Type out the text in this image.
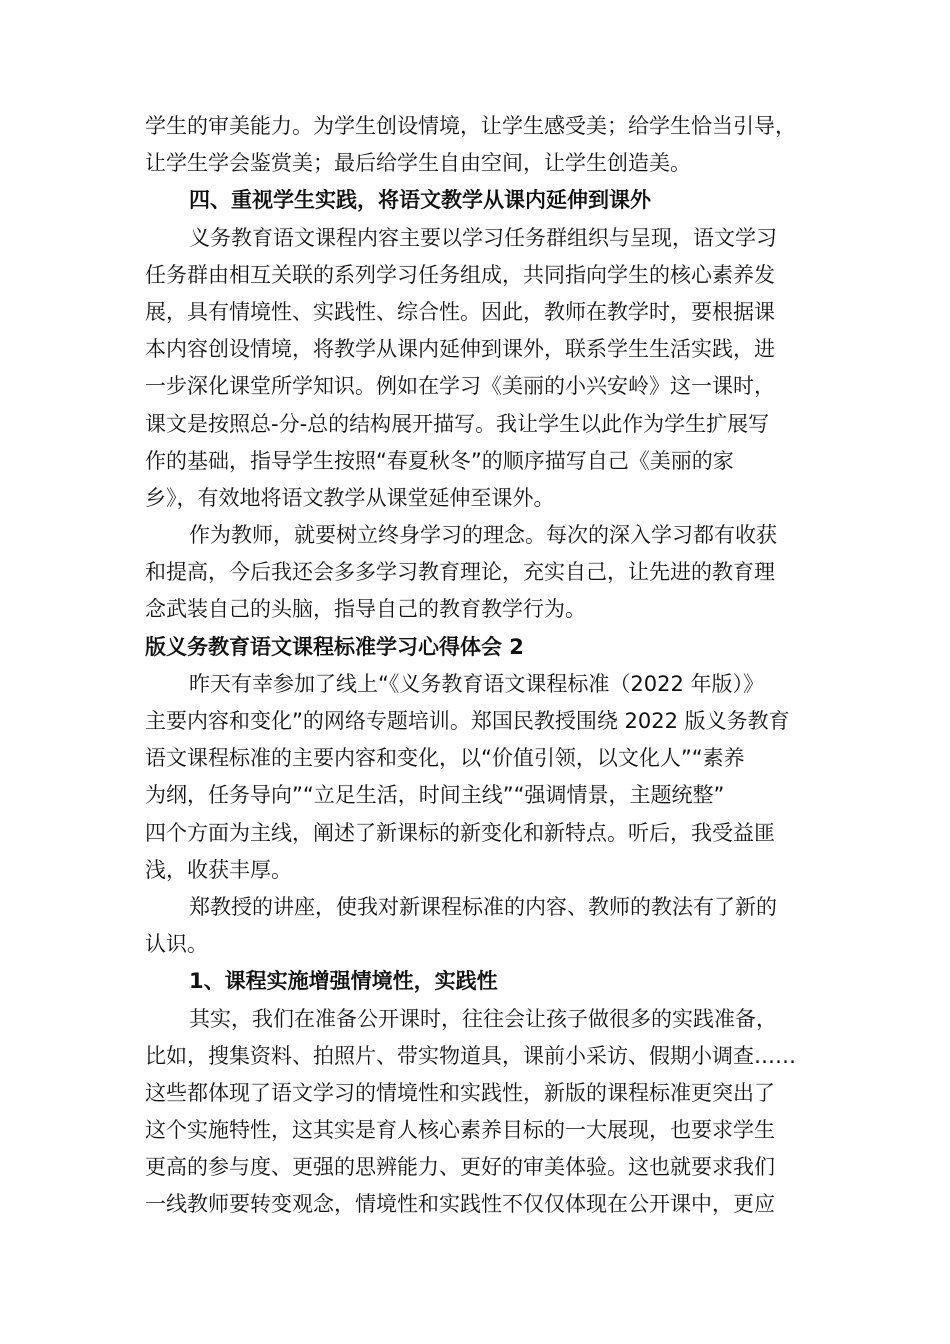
学生的审美能力。为学生创设情境，让学生感受美；给学生恰当引导，
让学生学会鉴赏美；最后给学生自由空间，让学生创造美。
四、重视学生实践，将语文教学从课内延伸到课外
义务教育语文课程内容主要以学习任务群组织与呈现，语文学习
任务群由相互关联的系列学习任务组成，共同指向学生的核心素养发
展，具有情境性、实践性、综合性。因此，教师在教学时，要根据课
本内容创设情境，将教学从课内延伸到课外，联系学生生活实践，进
一步深化课堂所学知识。例如在学习《美丽的小兴安岭》这一课时，
课文是按照总-分-总的结构展开描写。我让学生以此作为学生扩展写
作的基础，指导学生按照“春夏秋冬”的顺序描写自己《美丽的家
乡》，有效地将语文教学从课堂延伸至课外。
作为教师，就要树立终身学习的理念。每次的深入学习都有收获
和提高，今后我还会多多学习教育理论，充实自己，让先进的教育理
念武装自己的头脑，指导自己的教育教学行为。
版义务教育语文课程标准学习心得体会 2
昨天有幸参加了线上“《义务教育语文课程标准（2022 年版）》
主要内容和变化”的网络专题培训。郑国民教授围绕 2022 版义务教育
语文课程标准的主要内容和变化，以“价值引领，以文化人”“素养
为纲，任务导向”“立足生活，时间主线”“强调情景，主题统整”
四个方面为主线，阐述了新课标的新变化和新特点。听后，我受益匪
浅，收获丰厚。
郑教授的讲座，使我对新课程标准的内容、教师的教法有了新的
认识。
1、课程实施增强情境性，实践性
其实，我们在准备公开课时，往往会让孩子做很多的实践准备，
比如，搜集资料、拍照片、带实物道具，课前小采访、假期小调查……
这些都体现了语文学习的情境性和实践性，新版的课程标准更突出了
这个实施特性，这其实是育人核心素养目标的一大展现，也要求学生
更高的参与度、更强的思辨能力、更好的审美体验。这也就要求我们
一线教师要转变观念，情境性和实践性不仅仅体现在公开课中，更应
